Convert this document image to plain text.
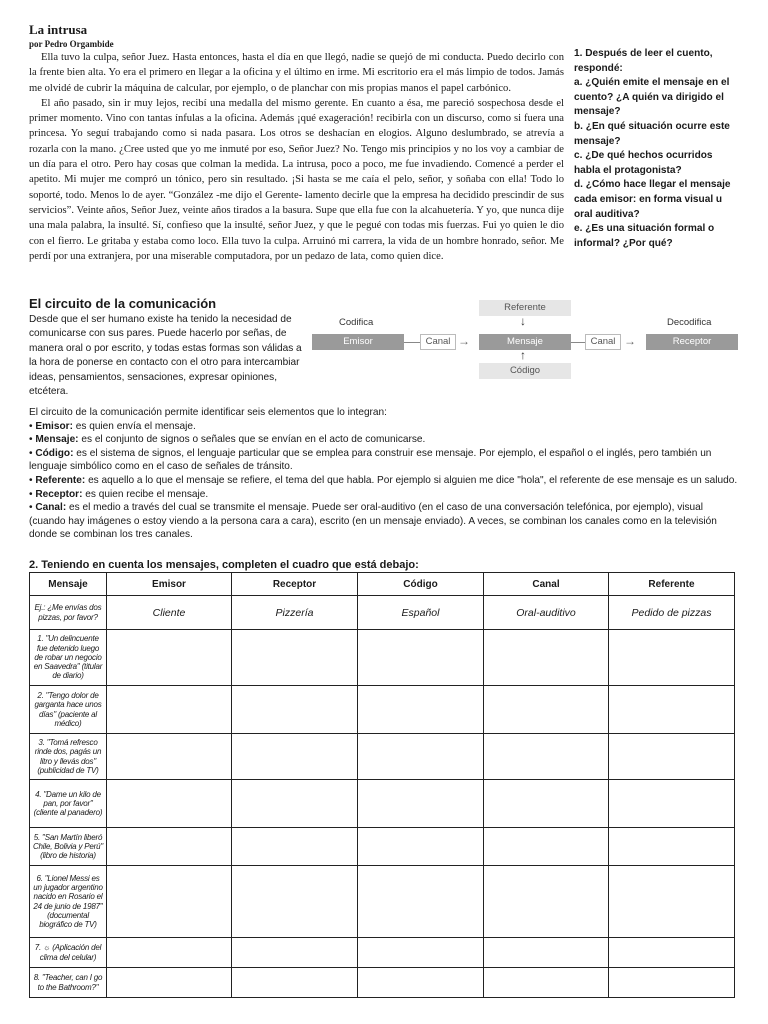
La intrusa
por Pedro Orgambide

Ella tuvo la culpa, señor Juez. Hasta entonces, hasta el día en que llegó, nadie se quejó de mi conducta. Puedo decirlo con la frente bien alta. Yo era el primero en llegar a la oficina y el último en irme. Mi escritorio era el más limpio de todos. Jamás me olvidé de cubrir la máquina de calcular, por ejemplo, o de planchar con mis propias manos el papel carbónico.

El año pasado, sin ir muy lejos, recibí una medalla del mismo gerente. En cuanto a ésa, me pareció sospechosa desde el primer momento. Vino con tantas ínfulas a la oficina. Además ¡qué exageración! recibirla con un discurso, como si fuera una princesa. Yo seguí trabajando como si nada pasara. Los otros se deshacían en elogios. Alguno deslumbrado, se atrevía a rozarla con la mano. ¿Cree usted que yo me inmuté por eso, Señor Juez? No. Tengo mis principios y no los voy a cambiar de un día para el otro. Pero hay cosas que colman la medida. La intrusa, poco a poco, me fue invadiendo. Comencé a perder el apetito. Mi mujer me compró un tónico, pero sin resultado. ¡Si hasta se me caía el pelo, señor, y soñaba con ella! Todo lo soporté, todo. Menos lo de ayer. “González -me dijo el Gerente- lamento decirle que la empresa ha decidido prescindir de sus servicios”. Veinte años, Señor Juez, veinte años tirados a la basura. Supe que ella fue con la alcahuetería. Y yo, que nunca dije una mala palabra, la insulté. Sí, confieso que la insulté, señor Juez, y que le pegué con todas mis fuerzas. Fui yo quien le dio con el fierro. Le gritaba y estaba como loco. Ella tuvo la culpa. Arruinó mi carrera, la vida de un hombre honrado, señor. Me perdí por una extranjera, por una miserable computadora, por un pedazo de lata, como quien dice.

1. Después de leer el cuento, respondé:
a. ¿Quién emite el mensaje en el cuento? ¿A quién va dirigido el mensaje?
b. ¿En qué situación ocurre este mensaje?
c. ¿De qué hechos ocurridos habla el protagonista?
d. ¿Cómo hace llegar el mensaje cada emisor: en forma visual u oral auditiva?
e. ¿Es una situación formal o informal? ¿Por qué?
El circuito de la comunicación
Desde que el ser humano existe ha tenido la necesidad de comunicarse con sus pares. Puede hacerlo por señas, de manera oral o por escrito, y todas estas formas son válidas a la hora de ponerse en contacto con el otro para intercambiar ideas, pensamientos, sensaciones, expresar opiniones, etcétera.
Referente
↓
Codifica	Decodifica
Emisor	Canal →	Mensaje	Canal →	Receptor
↑
Código
El circuito de la comunicación permite identificar seis elementos que lo integran:
• Emisor: es quien envía el mensaje.
• Mensaje: es el conjunto de signos o señales que se envían en el acto de comunicarse.
• Código: es el sistema de signos, el lenguaje particular que se emplea para construir ese mensaje. Por ejemplo, el español o el inglés, pero también un lenguaje simbólico como en el caso de señales de tránsito.
• Referente: es aquello a lo que el mensaje se refiere, el tema del que habla. Por ejemplo si alguien me dice "hola", el referente de ese mensaje es un saludo.
• Receptor: es quien recibe el mensaje.
• Canal: es el medio a través del cual se transmite el mensaje. Puede ser oral-auditivo (en el caso de una conversación telefónica, por ejemplo), visual (cuando hay imágenes o estoy viendo a la persona cara a cara), escrito (en un mensaje enviado). A veces, se combinan los canales como en la televisión donde se combinan los tres canales.
2. Teniendo en cuenta los mensajes, completen el cuadro que está debajo:
Mensaje	Emisor	Receptor	Código	Canal	Referente
Ej.: ¿Me envías dos pizzas, por favor?	Cliente	Pizzería	Español	Oral-auditivo	Pedido de pizzas
1. "Un delincuente fue detenido luego de robar un negocio en Saavedra" (titular de diario)					
2. "Tengo dolor de garganta hace unos días" (paciente al médico)					
3. "Tomá refresco rinde dos, pagás un litro y llevás dos" (publicidad de TV)					
4. "Dame un kilo de pan, por favor" (cliente al panadero)					
5. "San Martín liberó Chile, Bolivia y Perú" (libro de historia)					
6. "Lionel Messi es un jugador argentino nacido en Rosario el 24 de junio de 1987" (documental biográfico de TV)					
7. ☼ (Aplicación del clima del celular)					
8. "Teacher, can I go to the Bathroom?"					
